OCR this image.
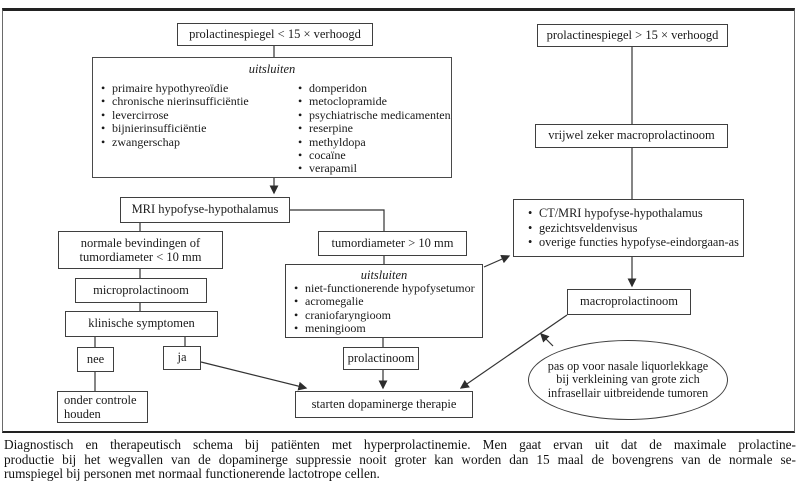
prolactinespiegel < 15 × verhoogd	prolactinespiegel > 15 × verhoogd
uitsluiten
• primaire hypothyreoïdie
• chronische nierinsufficiëntie
• levercirrose
• bijnierinsufficiëntie
• zwangerschap
• domperidon
• metoclopramide
• psychiatrische medicamenten
• reserpine
• methyldopa
• cocaïne
• verapamil
MRI hypofyse-hypothalamus
normale bevindingen of tumordiameter < 10 mm
microprolactinoom
klinische symptomen
nee	ja
onder controle houden
tumordiameter > 10 mm
uitsluiten
• niet-functionerende hypofysetumor
• acromegalie
• craniofaryngioom
• meningioom
prolactinoom
starten dopaminerge therapie
vrijwel zeker macroprolactinoom
• CT/MRI hypofyse-hypothalamus
• gezichtsveldenvisus
• overige functies hypofyse-eindorgaan-as
macroprolactinoom
pas op voor nasale liquorlekkage
bij verkleining van grote zich
infrasellair uitbreidende tumoren
Diagnostisch en therapeutisch schema bij patiënten met hyperprolactinemie. Men gaat ervan uit dat de maximale prolactine-
productie bij het wegvallen van de dopaminerge suppressie nooit groter kan worden dan 15 maal de bovengrens van de normale se-
rumspiegel bij personen met normaal functionerende lactotrope cellen.
